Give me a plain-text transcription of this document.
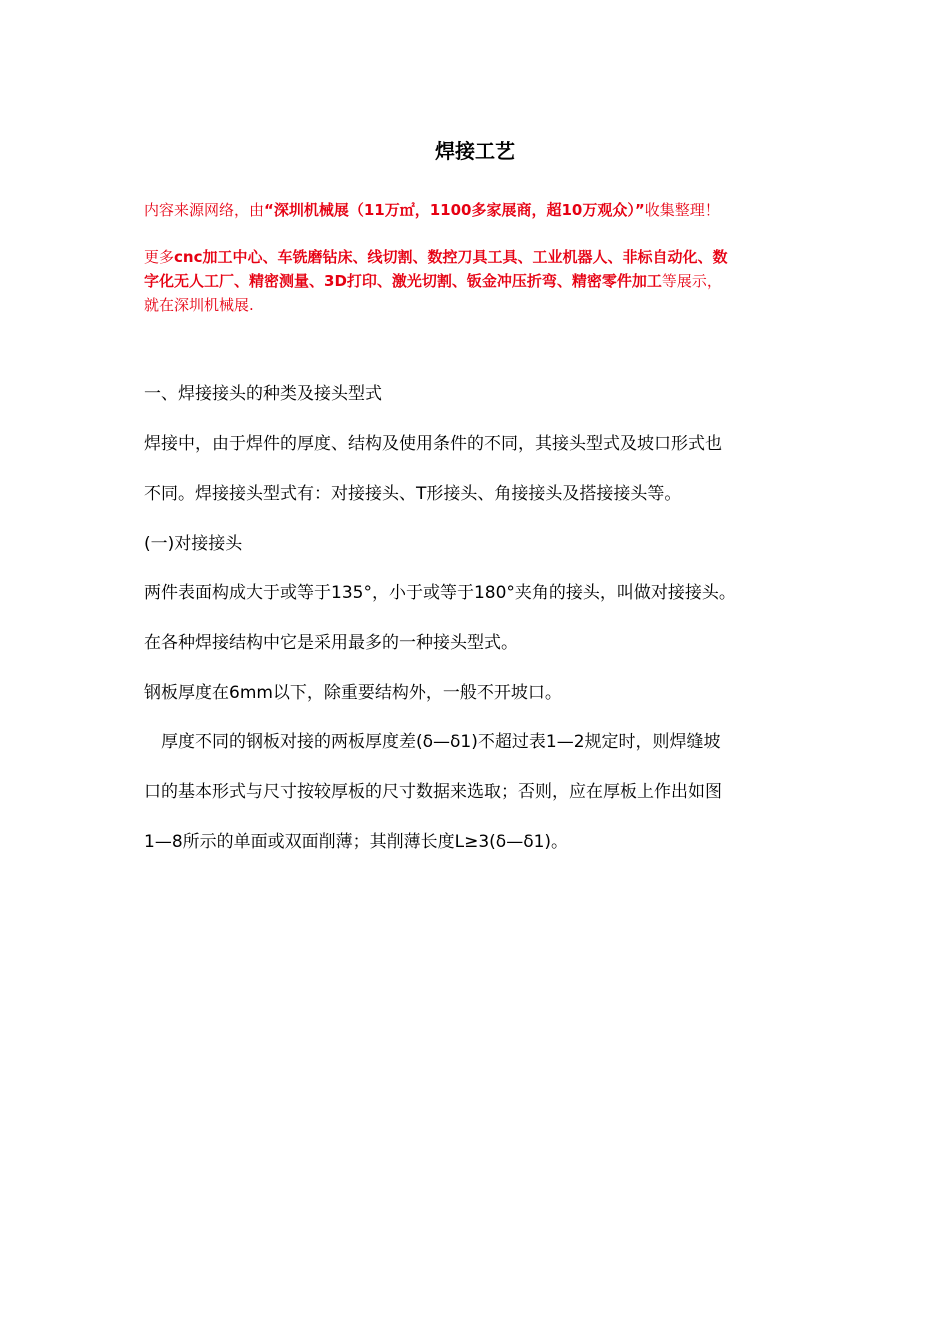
焊接工艺
内容来源网络，由“深圳机械展（11万㎡，1100多家展商，超10万观众）”收集整理！
更多cnc加工中心、车铣磨钻床、线切割、数控刀具工具、工业机器人、非标自动化、数
字化无人工厂、精密测量、3D打印、激光切割、钣金冲压折弯、精密零件加工等展示，
就在深圳机械展.
一、焊接接头的种类及接头型式
焊接中，由于焊件的厚度、结构及使用条件的不同，其接头型式及坡口形式也
不同。焊接接头型式有：对接接头、T形接头、角接接头及搭接接头等。
(一)对接接头
两件表面构成大于或等于135°，小于或等于180°夹角的接头，叫做对接接头。
在各种焊接结构中它是采用最多的一种接头型式。
钢板厚度在6mm以下，除重要结构外，一般不开坡口。
　厚度不同的钢板对接的两板厚度差(δ—δ1)不超过表1—2规定时，则焊缝坡
口的基本形式与尺寸按较厚板的尺寸数据来选取；否则，应在厚板上作出如图
1—8所示的单面或双面削薄；其削薄长度L≥3(δ—δ1)。
